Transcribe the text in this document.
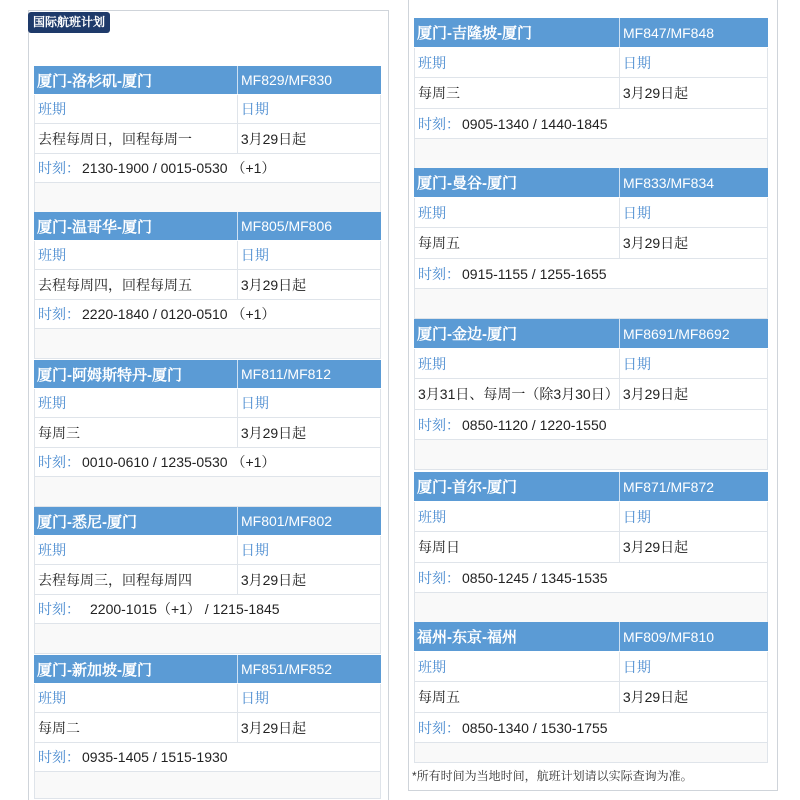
国际航班计划
厦门-洛杉矶-厦门	MF829/MF830
班期	日期
去程每周日，回程每周一	3月29日起
时刻： 2130-1900 / 0015-0530 （+1）
厦门-温哥华-厦门	MF805/MF806
班期	日期
去程每周四，回程每周五	3月29日起
时刻： 2220-1840 / 0120-0510 （+1）
厦门-阿姆斯特丹-厦门	MF811/MF812
班期	日期
每周三	3月29日起
时刻： 0010-0610 / 1235-0530 （+1）
厦门-悉尼-厦门	MF801/MF802
班期	日期
去程每周三，回程每周四	3月29日起
时刻： 2200-1015（+1） / 1215-1845
厦门-新加坡-厦门	MF851/MF852
班期	日期
每周二	3月29日起
时刻： 0935-1405 / 1515-1930
厦门-吉隆坡-厦门	MF847/MF848
班期	日期
每周三	3月29日起
时刻： 0905-1340 / 1440-1845
厦门-曼谷-厦门	MF833/MF834
班期	日期
每周五	3月29日起
时刻： 0915-1155 / 1255-1655
厦门-金边-厦门	MF8691/MF8692
班期	日期
3月31日、每周一（除3月30日） 3月29日起
时刻： 0850-1120 / 1220-1550
厦门-首尔-厦门	MF871/MF872
班期	日期
每周日	3月29日起
时刻： 0850-1245 / 1345-1535
福州-东京-福州	MF809/MF810
班期	日期
每周五	3月29日起
时刻： 0850-1340 / 1530-1755
*所有时间为当地时间，航班计划请以实际查询为准。
